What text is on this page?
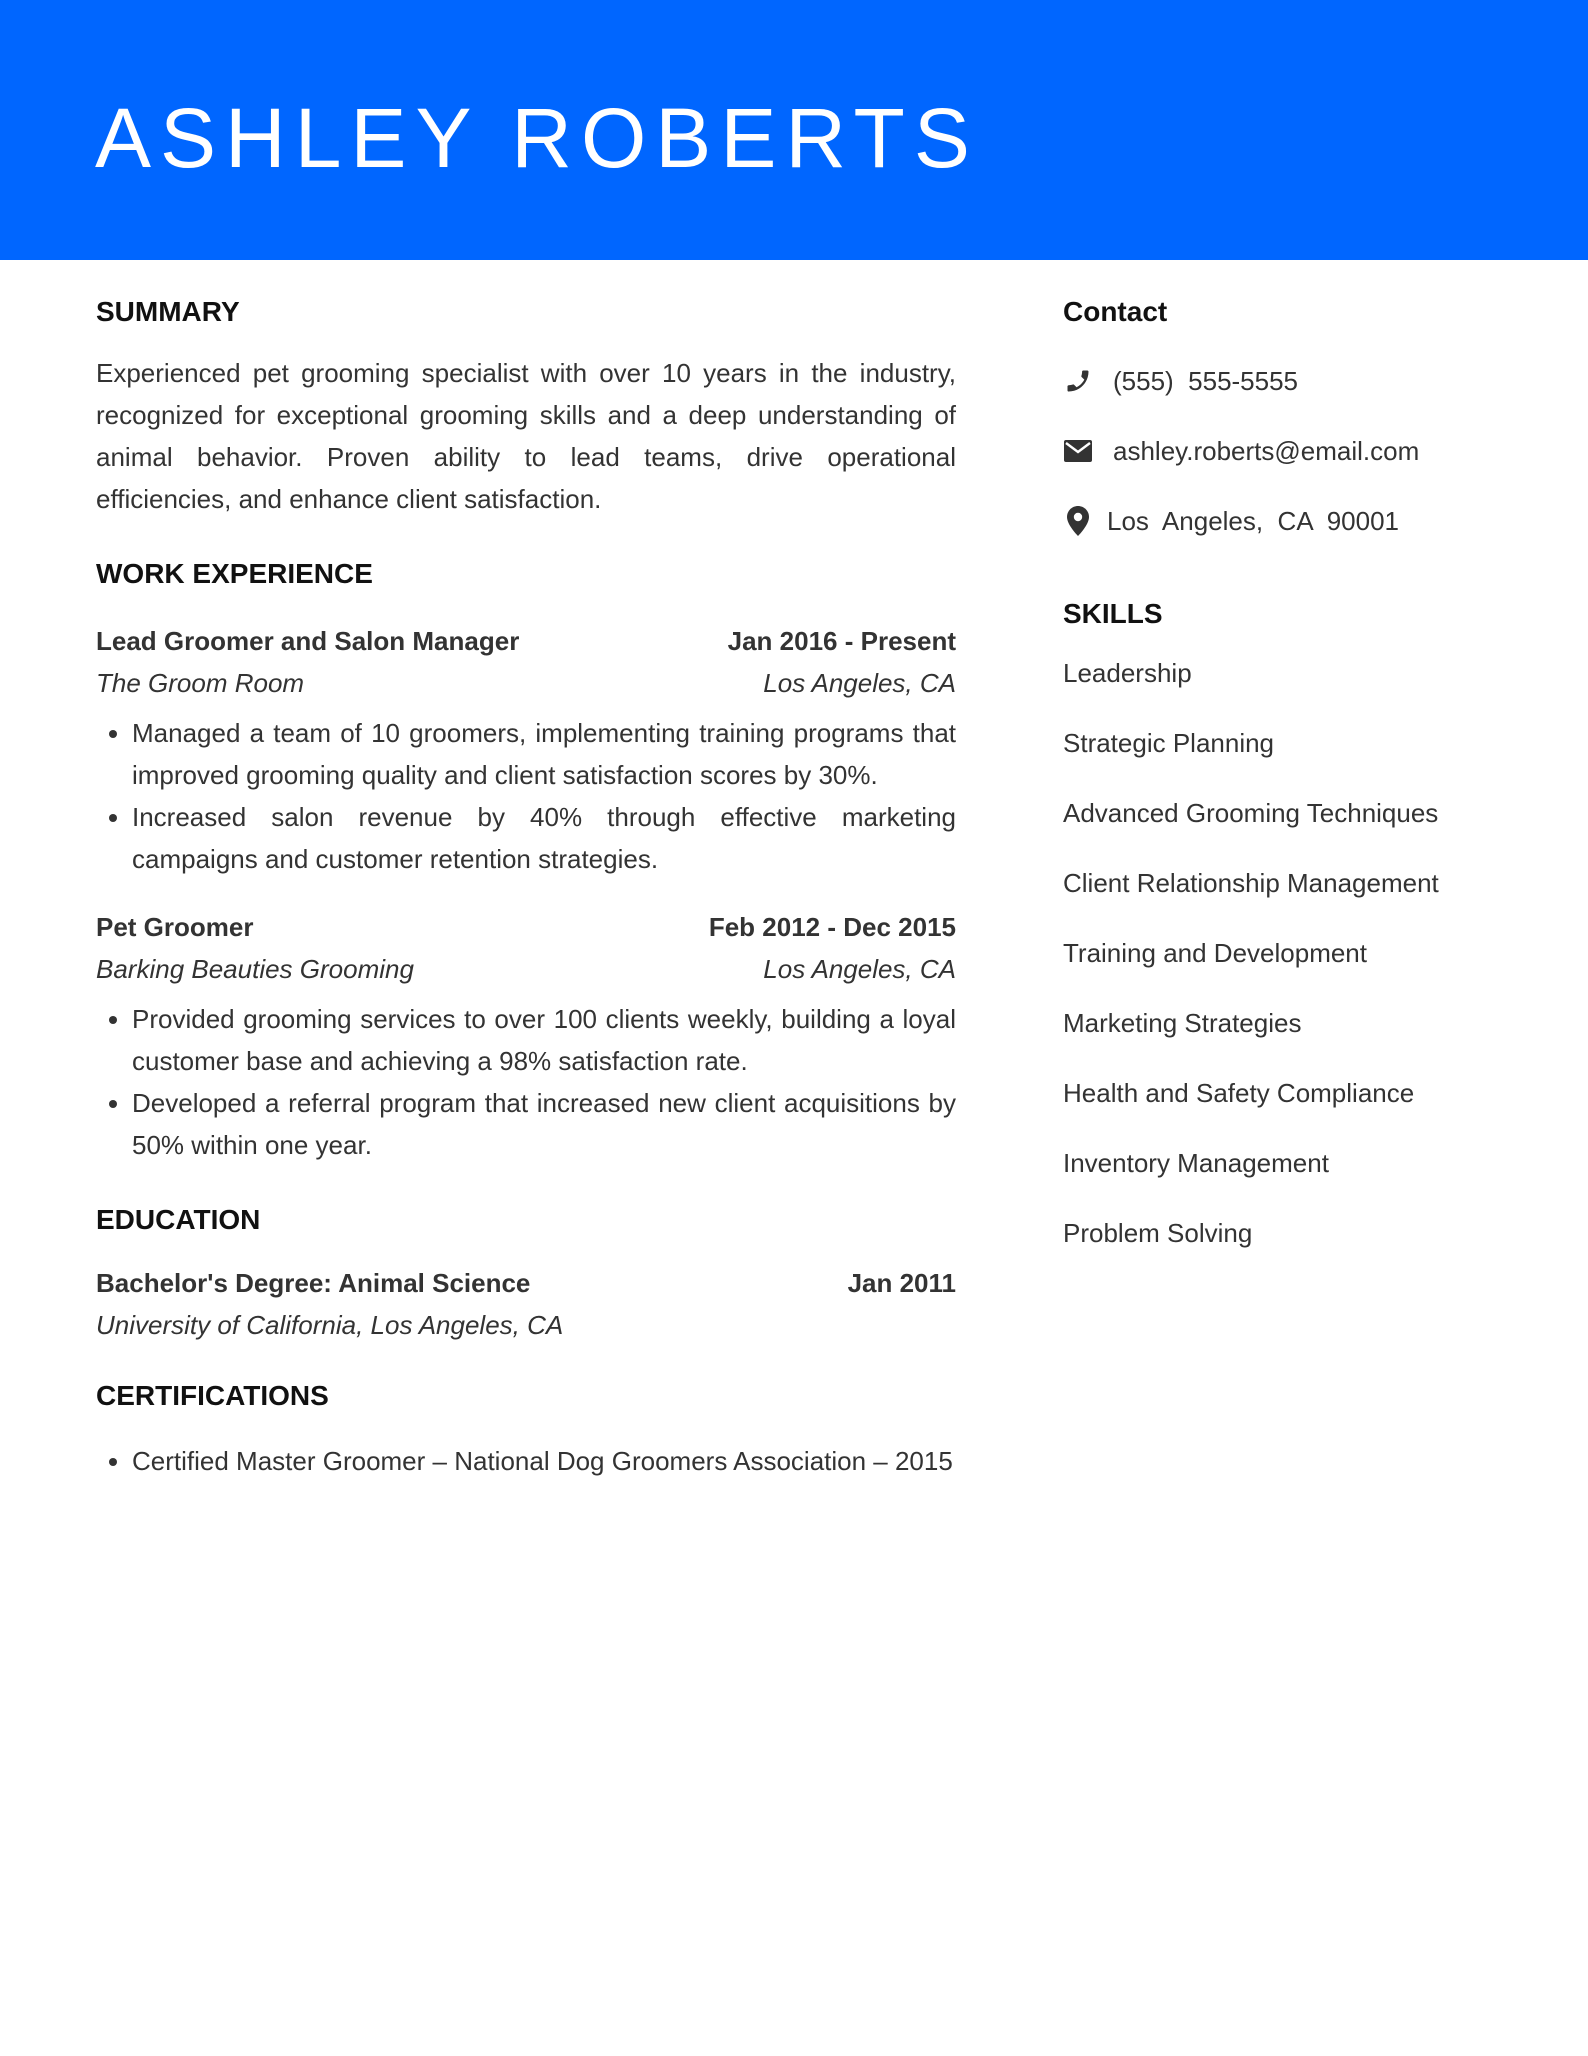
ASHLEY ROBERTS
SUMMARY

Experienced pet grooming specialist with over 10 years in the industry, recognized for exceptional grooming skills and a deep understanding of animal behavior. Proven ability to lead teams, drive operational efficiencies, and enhance client satisfaction.

WORK EXPERIENCE
Lead Groomer and Salon Manager	Jan 2016 - Present
The Groom Room	Los Angeles, CA
• Managed a team of 10 groomers, implementing training programs that improved grooming quality and client satisfaction scores by 30%.
• Increased salon revenue by 40% through effective marketing campaigns and customer retention strategies.
Pet Groomer	Feb 2012 - Dec 2015
Barking Beauties Grooming	Los Angeles, CA
• Provided grooming services to over 100 clients weekly, building a loyal customer base and achieving a 98% satisfaction rate.
• Developed a referral program that increased new client acquisitions by 50% within one year.
EDUCATION
Bachelor's Degree: Animal Science	Jan 2011
University of California, Los Angeles, CA
CERTIFICATIONS
• Certified Master Groomer – National Dog Groomers Association – 2015
Contact
(555)  555-5555
ashley.roberts@email.com
Los  Angeles,  CA  90001
SKILLS
Leadership
Strategic Planning
Advanced Grooming Techniques
Client Relationship Management
Training and Development
Marketing Strategies
Health and Safety Compliance
Inventory Management
Problem Solving
